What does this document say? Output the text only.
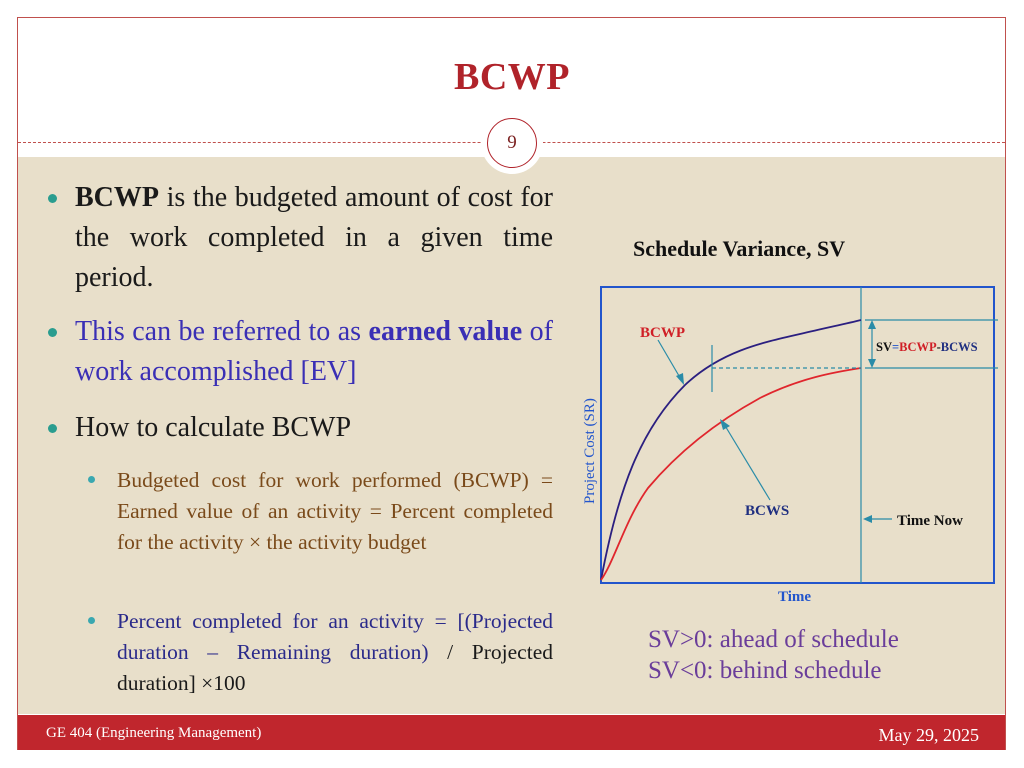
BCWP
9

BCWP is the budgeted amount of cost for the work completed in a given time period.

This can be referred to as earned value of work accomplished [EV]

How to calculate BCWP

Budgeted cost for work performed (BCWP) = Earned value of an activity = Percent completed for the activity × the activity budget

Percent completed for an activity = [(Projected duration – Remaining duration) / Projected duration] ×100

Schedule Variance, SV
BCWP
BCWS
Time Now
Time
Project Cost (SR)
SV=BCWP-BCWS
SV>0: ahead of schedule
SV<0: behind schedule
GE 404 (Engineering Management)	May 29, 2025
